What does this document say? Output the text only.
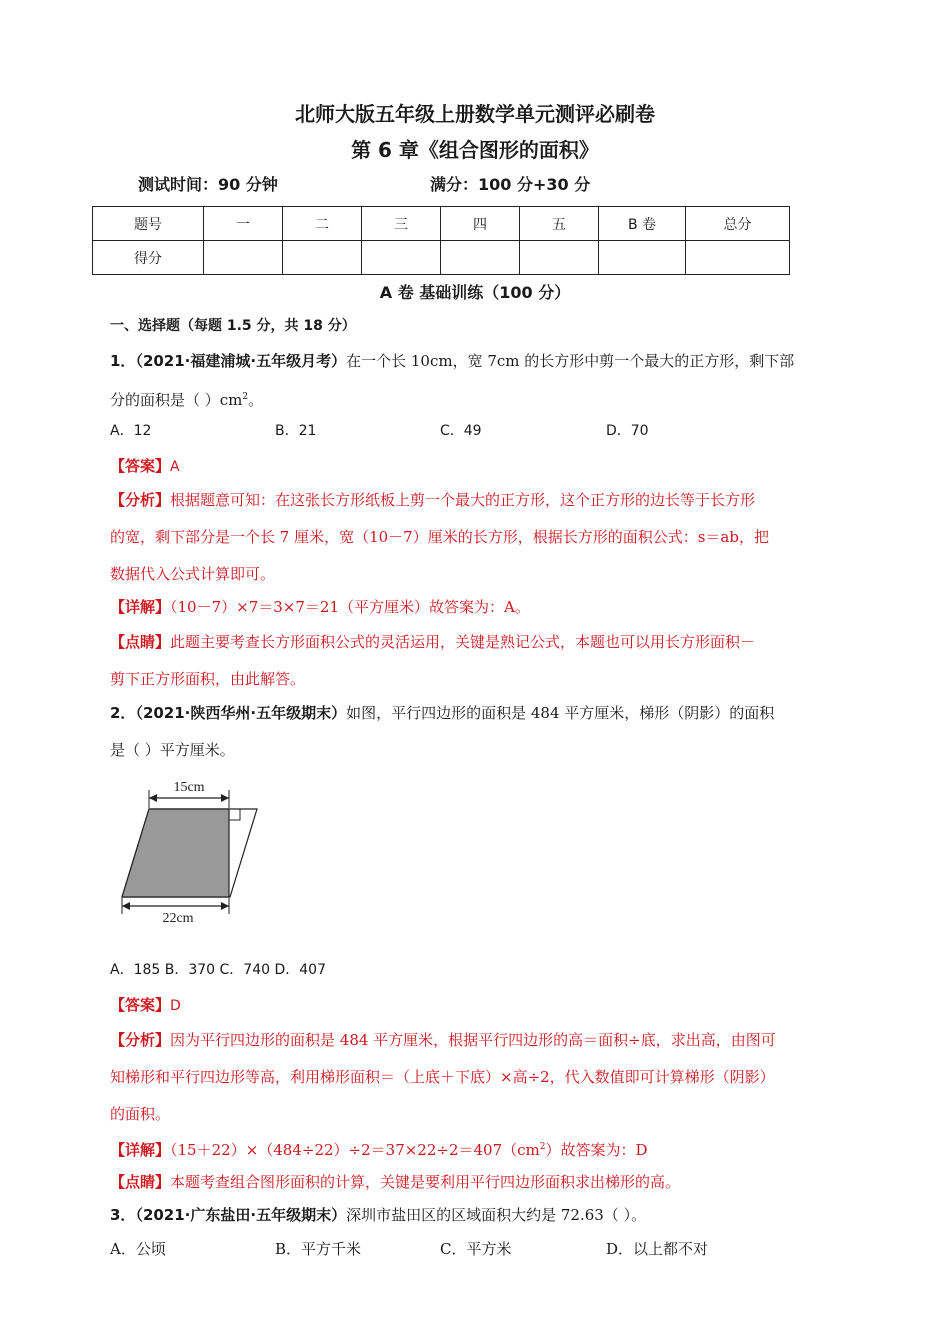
北师大版五年级上册数学单元测评必刷卷
第 6 章《组合图形的面积》
测试时间：90 分钟	满分：100 分+30 分
题号	一	二	三	四	五	B 卷	总分
得分							
A 卷 基础训练（100 分）
一、选择题（每题 1.5 分，共 18 分）
1．（2021·福建浦城·五年级月考）在一个长 10cm，宽 7cm 的长方形中剪一个最大的正方形，剩下部
分的面积是（ ）$cm^2$。
A．12	B．21	C．49	D．70
【答案】A
【分析】根据题意可知：在这张长方形纸板上剪一个最大的正方形，这个正方形的边长等于长方形
的宽，剩下部分是一个长 7 厘米，宽（10－7）厘米的长方形，根据长方形的面积公式：s＝ab，把
数据代入公式计算即可。
【详解】（10－7）×7＝3×7＝21（平方厘米）故答案为：A。
【点睛】此题主要考查长方形面积公式的灵活运用，关键是熟记公式，本题也可以用长方形面积－
剪下正方形面积，由此解答。
2．（2021·陕西华州·五年级期末）如图，平行四边形的面积是 484 平方厘米，梯形（阴影）的面积
是（ ）平方厘米。
15cm
22cm
A．185 B．370 C．740 D．407
【答案】D
【分析】因为平行四边形的面积是 484 平方厘米，根据平行四边形的高＝面积÷底，求出高，由图可
知梯形和平行四边形等高，利用梯形面积＝（上底＋下底）×高÷2，代入数值即可计算梯形（阴影）
的面积。
【详解】$(15+22)\times(484\div 22)\div 2=37\times 22\div 2=407(cm^2)$故答案为：D
【点睛】本题考查组合图形面积的计算，关键是要利用平行四边形面积求出梯形的高。
3．（2021·广东盐田·五年级期末）深圳市盐田区的区域面积大约是 72.63（ ）。
A．公顷	B．平方千米	C．平方米	D．以上都不对
